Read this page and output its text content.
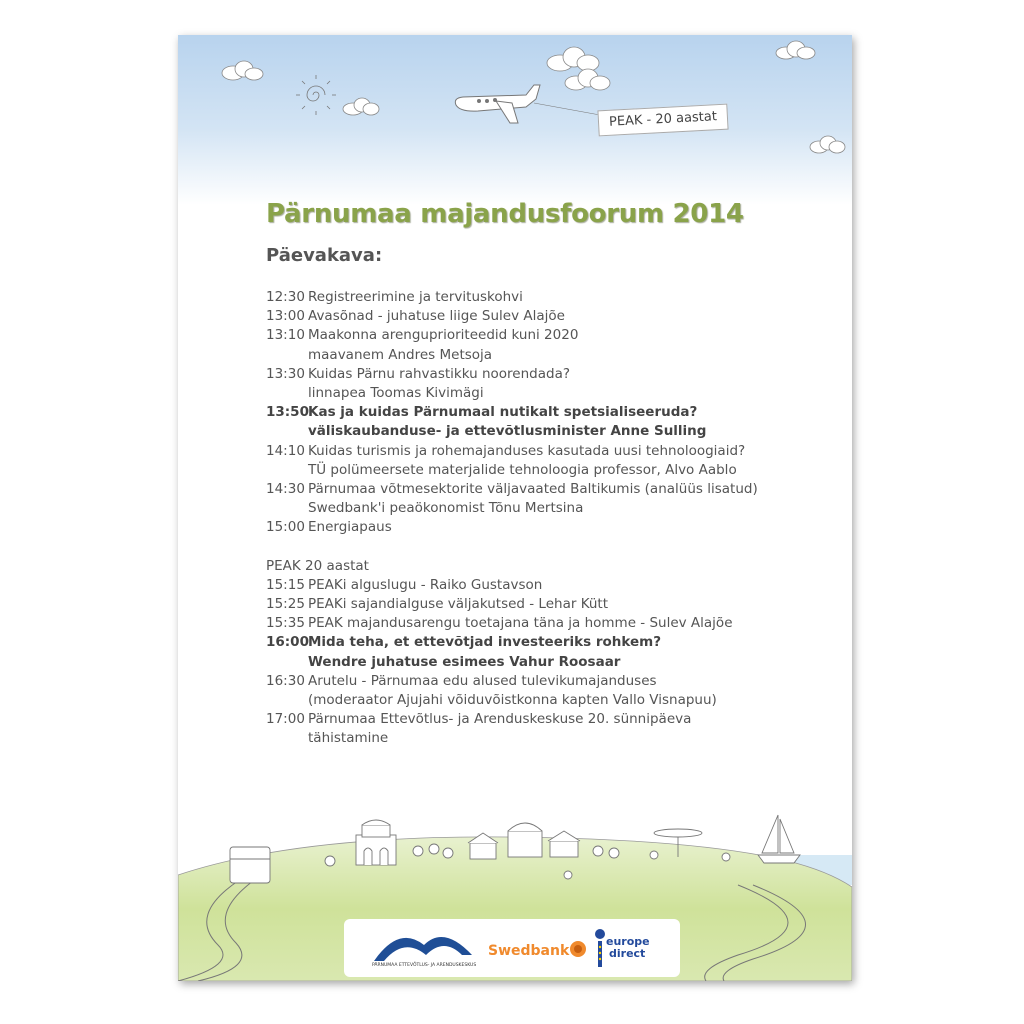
PEAK - 20 aastat
Pärnumaa majandusfoorum 2014
Päevakava:
12:30 Registreerimine ja tervituskohvi
13:00 Avasõnad - juhatuse liige Sulev Alajõe
13:10 Maakonna arenguprioriteedid kuni 2020
maavanem Andres Metsoja
13:30 Kuidas Pärnu rahvastikku noorendada?
linnapea Toomas Kivimägi
13:50 Kas ja kuidas Pärnumaal nutikalt spetsialiseeruda?
väliskaubanduse- ja ettevõtlusminister Anne Sulling
14:10 Kuidas turismis ja rohemajanduses kasutada uusi tehnoloogiaid?
TÜ polümeersete materjalide tehnoloogia professor, Alvo Aablo
14:30 Pärnumaa võtmesektorite väljavaated Baltikumis (analüüs lisatud)
Swedbank'i peaökonomist Tõnu Mertsina
15:00 Energiapaus
PEAK 20 aastat
15:15 PEAKi alguslugu - Raiko Gustavson
15:25 PEAKi sajandialguse väljakutsed - Lehar Kütt
15:35 PEAK majandusarengu toetajana täna ja homme - Sulev Alajõe
16:00 Mida teha, et ettevõtjad investeeriks rohkem?
Wendre juhatuse esimees Vahur Roosaar
16:30 Arutelu - Pärnumaa edu alused tulevikumajanduses
(moderaator Ajujahi võiduvõistkonna kapten Vallo Visnapuu)
17:00 Pärnumaa Ettevõtlus- ja Arenduskeskuse 20. sünnipäeva
tähistamine
PÄRNUMAA ETTEVÕTLUS- JA ARENDUSKESKUS
Swedbank
europe
direct
